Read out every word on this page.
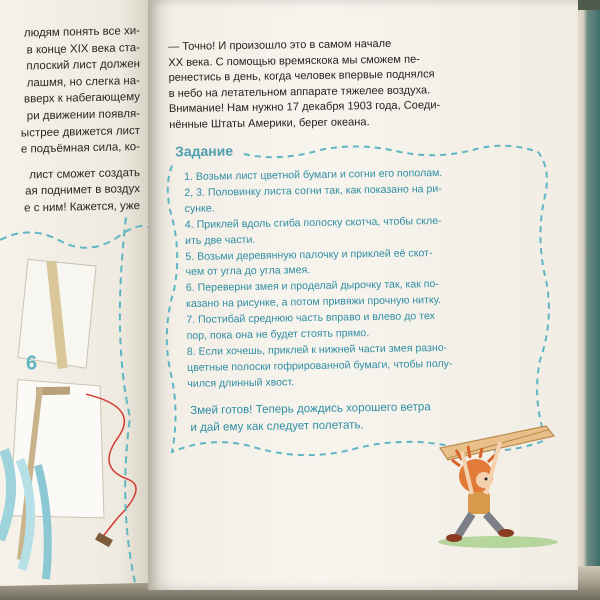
людям понять все хи-
в конце XIX века ста-
плоский лист должен
лашмя, но слегка на-
вверх к набегающему
ри движении появля-
ыстрее движется лист
е подъёмная сила, ко-
лист сможет создать
ая поднимет в воздух
е с ним! Кажется, уже
6
— Точно! И произошло это в самом начале
XX века. С помощью времяскока мы сможем пе-
ренестись в день, когда человек впервые поднялся
в небо на летательном аппарате тяжелее воздуха.
Внимание! Нам нужно 17 декабря 1903 года, Соеди-
нённые Штаты Америки, берег океана.
Задание
1. Возьми лист цветной бумаги и согни его пополам.
2, 3. Половинку листа согни так, как показано на ри-
сунке.
4. Приклей вдоль сгиба полоску скотча, чтобы скле-
ить две части.
5. Возьми деревянную палочку и приклей её скот-
чем от угла до угла змея.
6. Переверни змея и проделай дырочку так, как по-
казано на рисунке, а потом привяжи прочную нитку.
7. Постибай среднюю часть вправо и влево до тех
пор, пока она не будет стоять прямо.
8. Если хочешь, приклей к нижней части змея разно-
цветные полоски гофрированной бумаги, чтобы полу-
чился длинный хвост.
Змей готов! Теперь дождись хорошего ветра
и дай ему как следует полетать.
